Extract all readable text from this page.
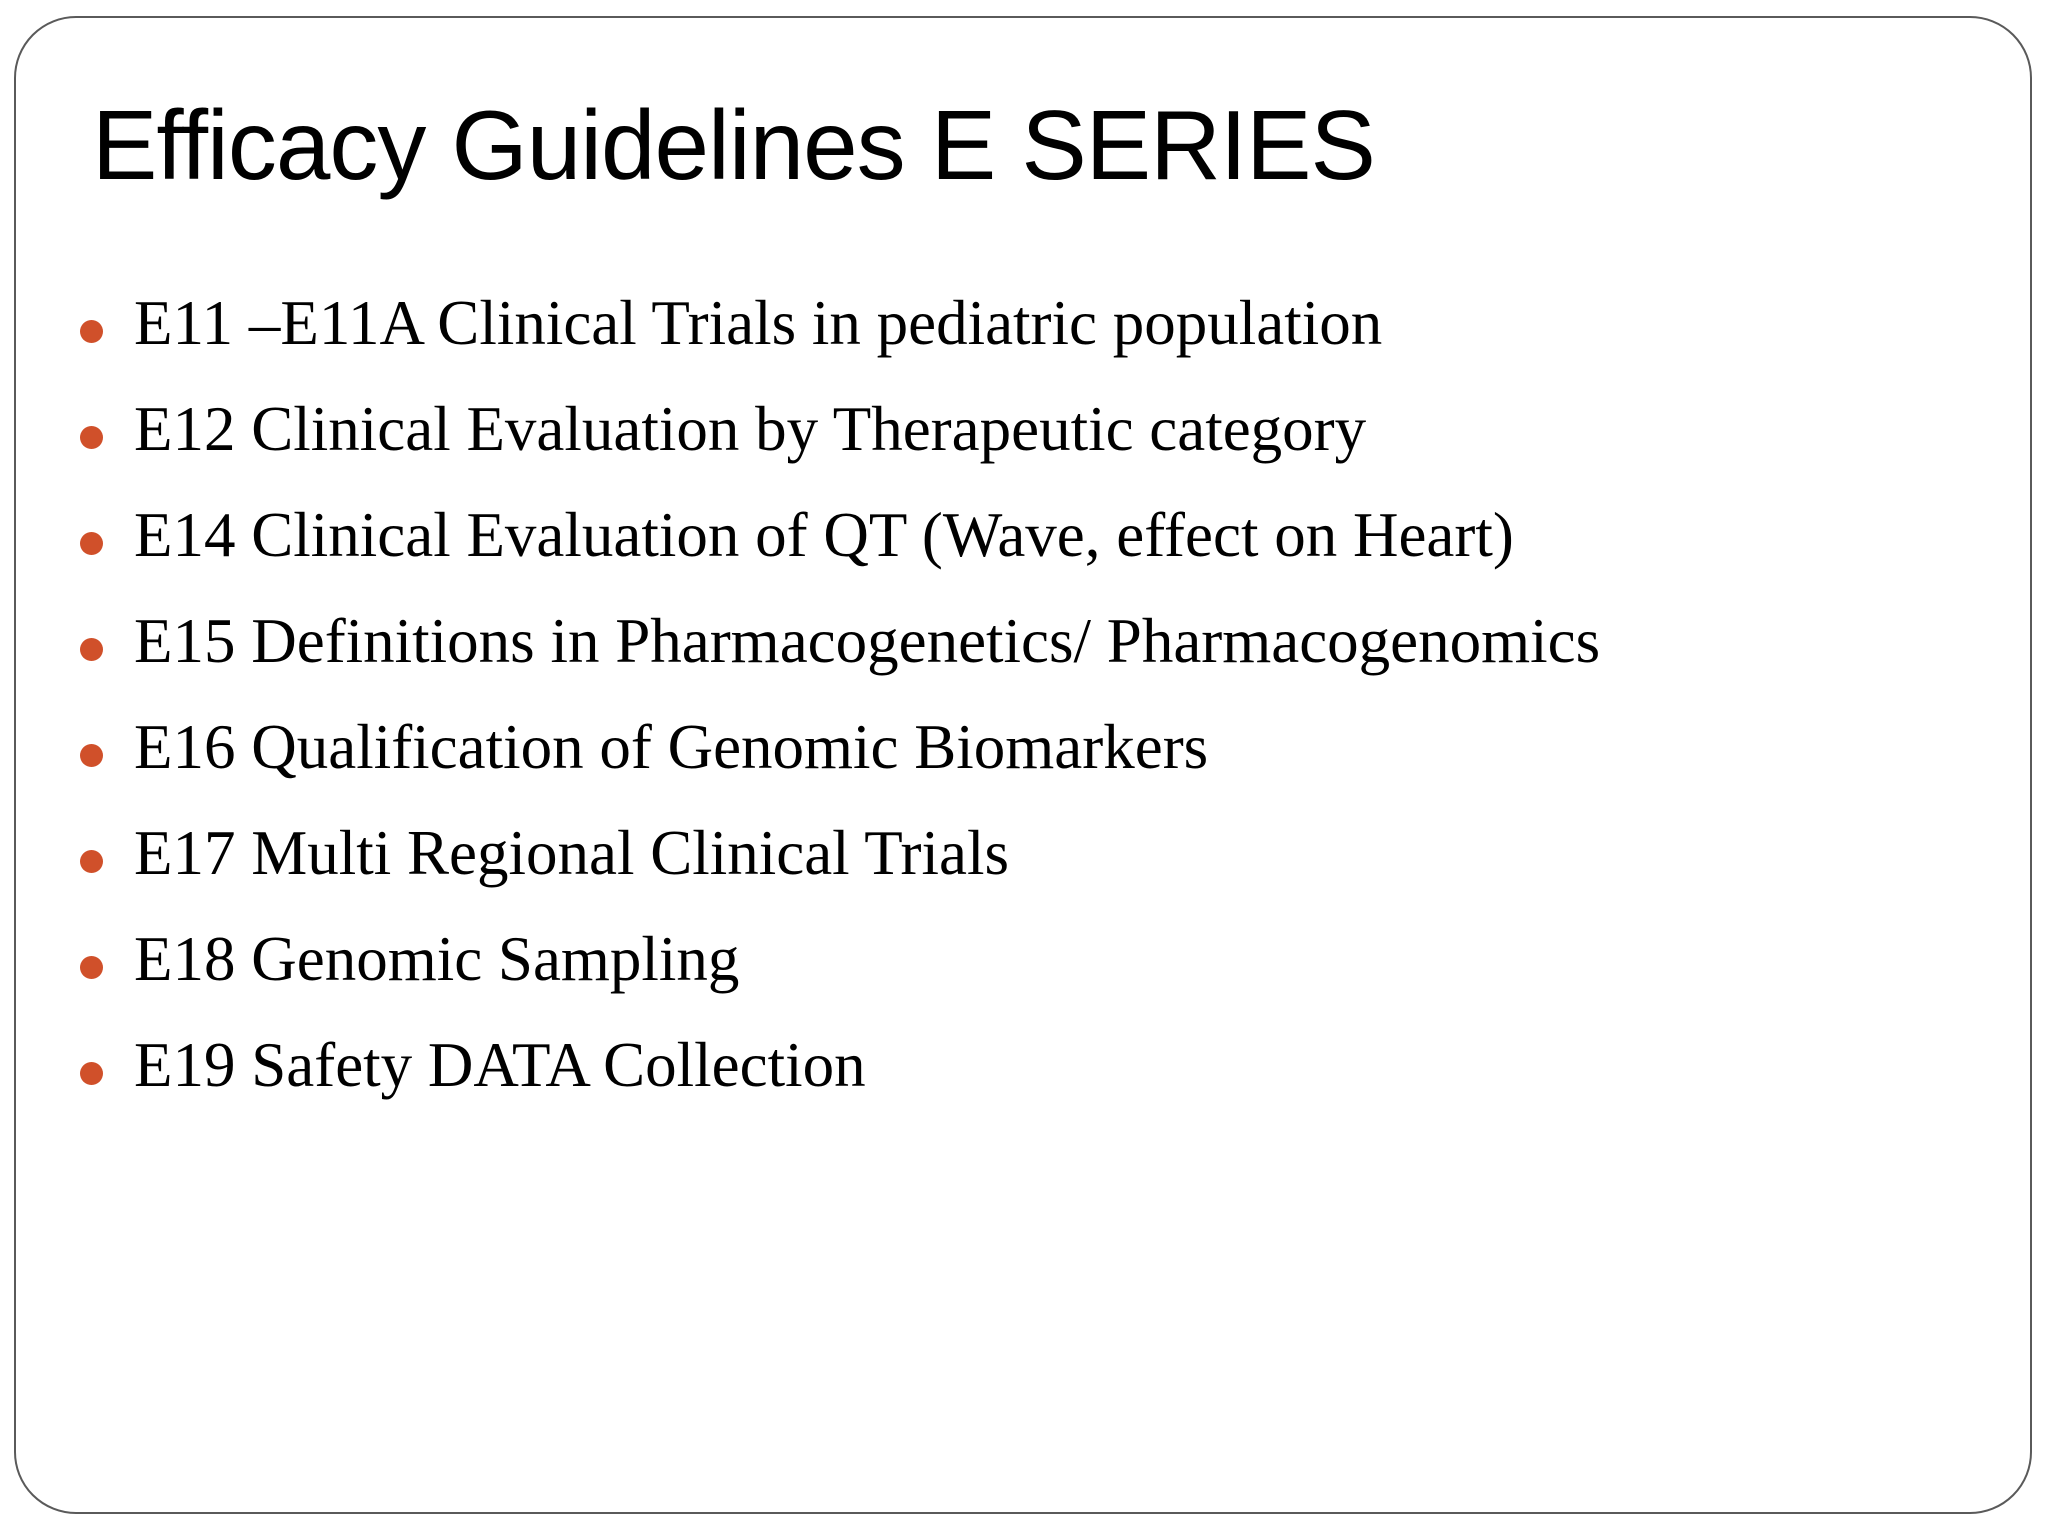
Efficacy Guidelines E SERIES
E11 –E11A Clinical Trials in pediatric population
E12 Clinical Evaluation by Therapeutic category
E14 Clinical Evaluation of QT (Wave, effect on Heart)
E15 Definitions in Pharmacogenetics/ Pharmacogenomics
E16 Qualification of Genomic Biomarkers
E17 Multi Regional Clinical Trials
E18 Genomic Sampling
E19 Safety DATA Collection
